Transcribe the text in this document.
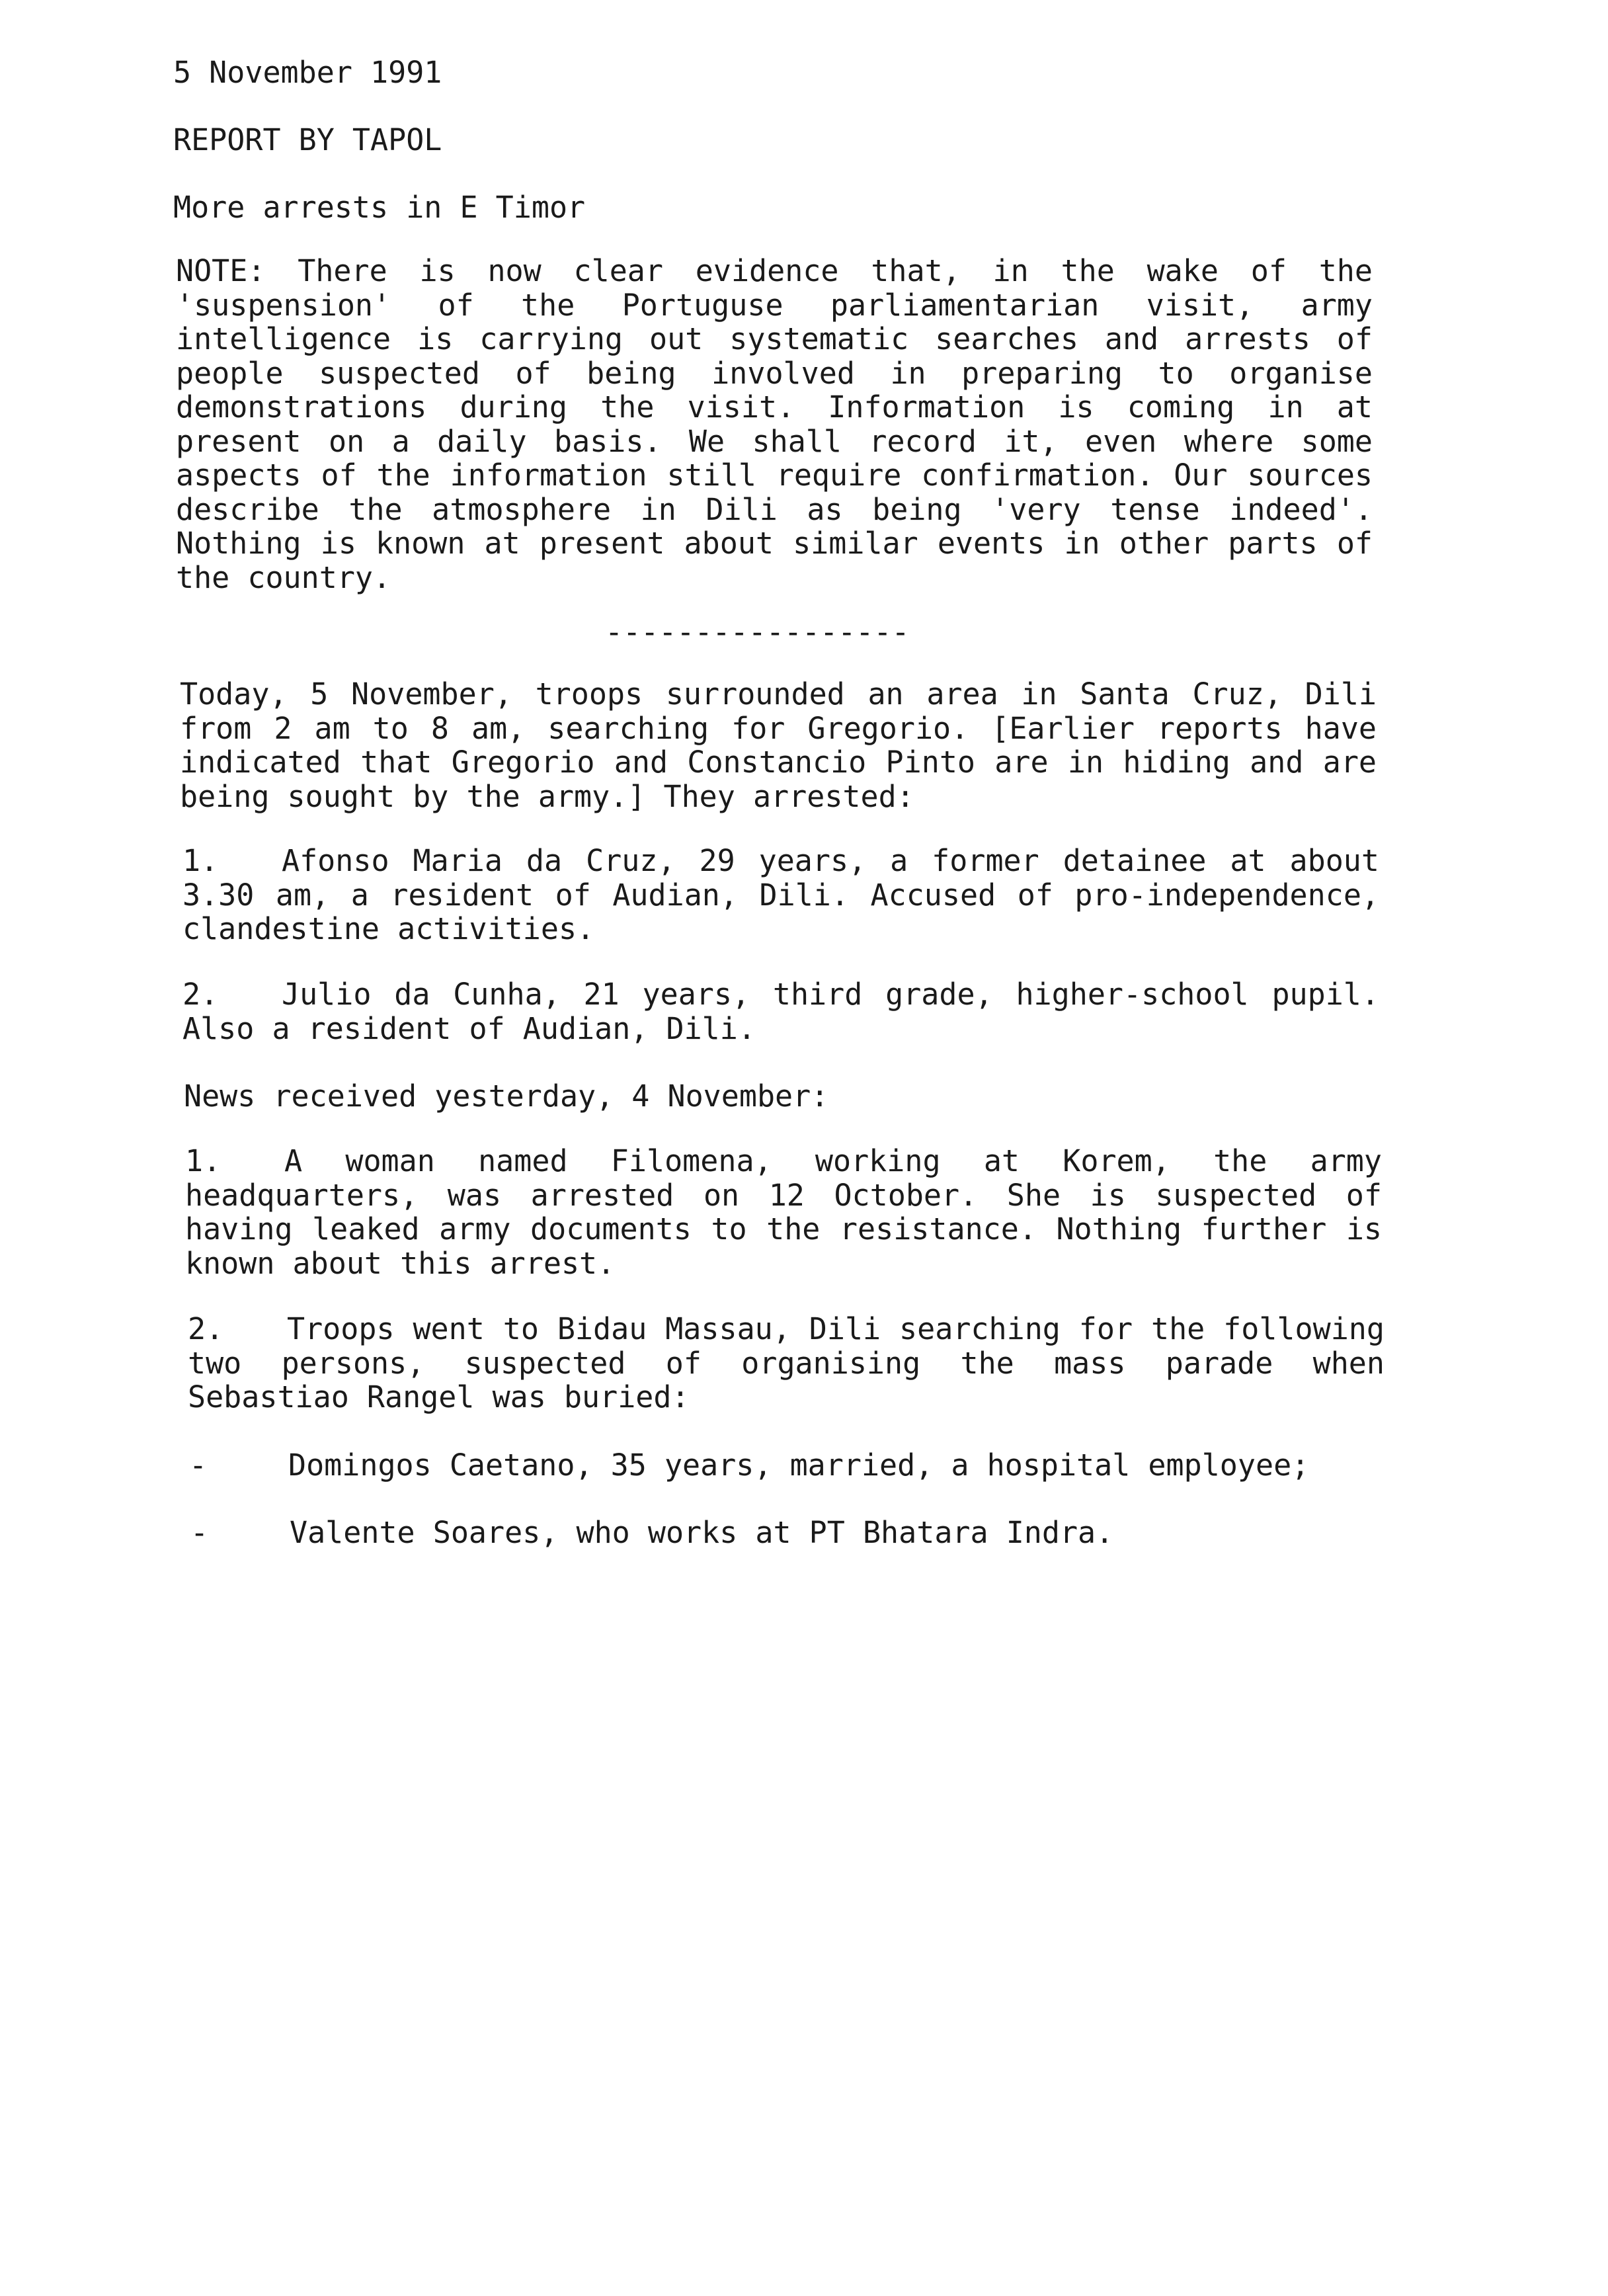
5 November 1991

REPORT BY TAPOL

More arrests in E Timor

NOTE: There is now clear evidence that, in the wake of the 'suspension' of the Portuguse parliamentarian visit, army intelligence is carrying out systematic searches and arrests of people suspected of being involved in preparing to organise demonstrations during the visit. Information is coming in at present on a daily basis. We shall record it, even where some aspects of the information still require confirmation. Our sources describe the atmosphere in Dili as being 'very tense indeed'. Nothing is known at present about similar events in other parts of the country.

-----------------

Today, 5 November, troops surrounded an area in Santa Cruz, Dili from 2 am to 8 am, searching for Gregorio. [Earlier reports have indicated that Gregorio and Constancio Pinto are in hiding and are being sought by the army.] They arrested:

1.	Afonso Maria da Cruz, 29 years, a former detainee at about 3.30 am, a resident of Audian, Dili. Accused of pro-independence, clandestine activities.
2.	Julio da Cunha, 21 years, third grade, higher-school pupil. Also a resident of Audian, Dili.

News received yesterday, 4 November:

1.	A woman named Filomena, working at Korem, the army headquarters, was arrested on 12 October. She is suspected of having leaked army documents to the resistance. Nothing further is known about this arrest.
2.	Troops went to Bidau Massau, Dili searching for the following two persons, suspected of organising the mass parade when Sebastiao Rangel was buried:

-

	Domingos Caetano, 35 years, married, a hospital employee;

-

	Valente Soares, who works at PT Bhatara Indra.
